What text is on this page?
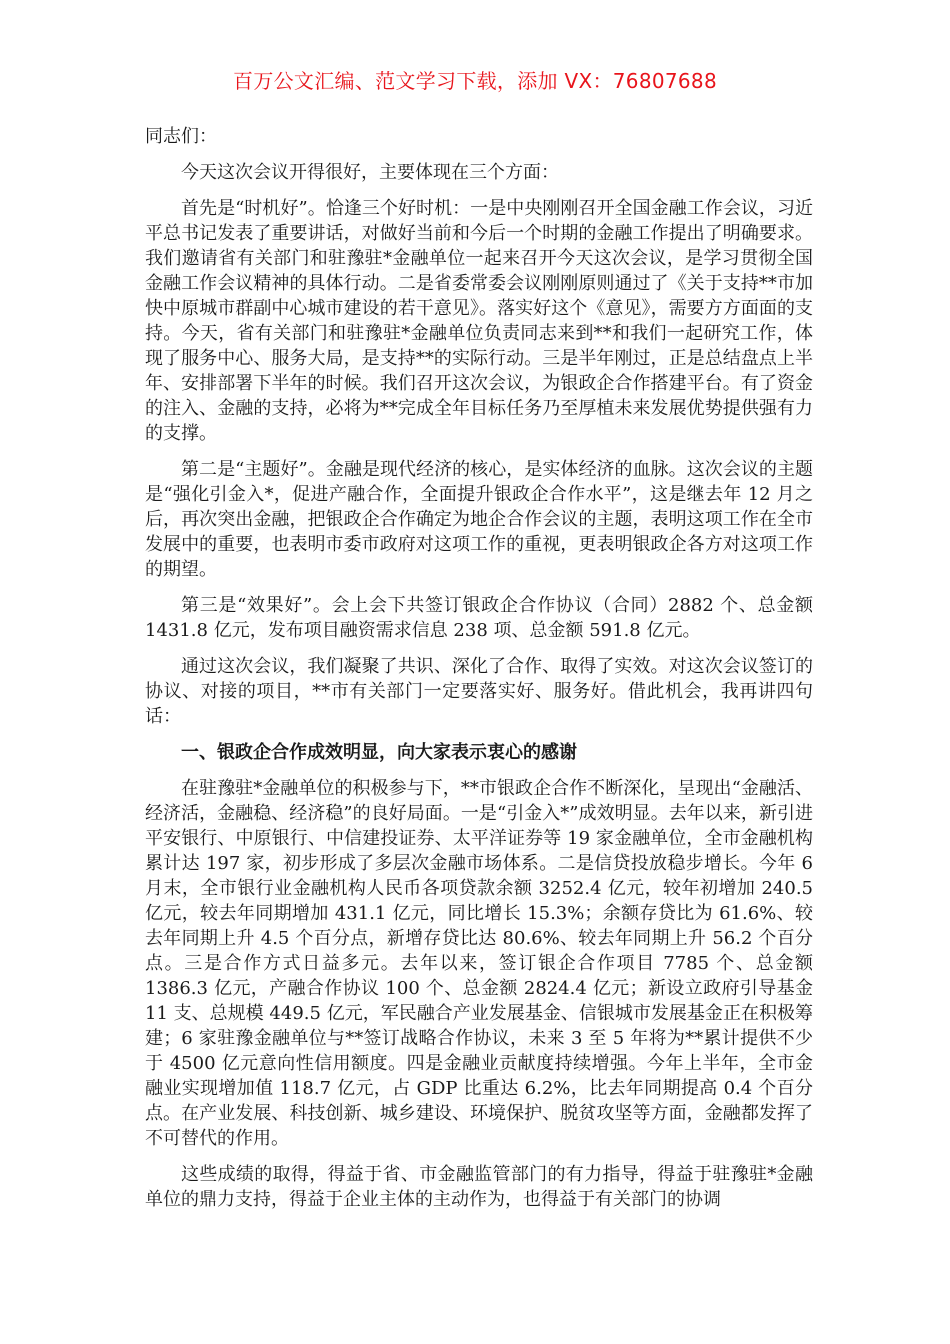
百万公文汇编、范文学习下载，添加 VX：76807688

同志们：

今天这次会议开得很好，主要体现在三个方面：

首先是“时机好”。恰逢三个好时机：一是中央刚刚召开全国金融工作会议，习近平总书记发表了重要讲话，对做好当前和今后一个时期的金融工作提出了明确要求。我们邀请省有关部门和驻豫驻*金融单位一起来召开今天这次会议，是学习贯彻全国金融工作会议精神的具体行动。二是省委常委会议刚刚原则通过了《关于支持**市加快中原城市群副中心城市建设的若干意见》。落实好这个《意见》，需要方方面面的支持。今天，省有关部门和驻豫驻*金融单位负责同志来到**和我们一起研究工作，体现了服务中心、服务大局，是支持**的实际行动。三是半年刚过，正是总结盘点上半年、安排部署下半年的时候。我们召开这次会议，为银政企合作搭建平台。有了资金的注入、金融的支持，必将为**完成全年目标任务乃至厚植未来发展优势提供强有力的支撑。

第二是“主题好”。金融是现代经济的核心，是实体经济的血脉。这次会议的主题是“强化引金入*，促进产融合作，全面提升银政企合作水平”，这是继去年 12 月之后，再次突出金融，把银政企合作确定为地企合作会议的主题，表明这项工作在全市发展中的重要，也表明市委市政府对这项工作的重视，更表明银政企各方对这项工作的期望。

第三是“效果好”。会上会下共签订银政企合作协议（合同）2882 个、总金额 1431.8 亿元，发布项目融资需求信息 238 项、总金额 591.8 亿元。

通过这次会议，我们凝聚了共识、深化了合作、取得了实效。对这次会议签订的协议、对接的项目，**市有关部门一定要落实好、服务好。借此机会，我再讲四句话：

一、银政企合作成效明显，向大家表示衷心的感谢

在驻豫驻*金融单位的积极参与下，**市银政企合作不断深化，呈现出“金融活、经济活，金融稳、经济稳”的良好局面。一是“引金入*”成效明显。去年以来，新引进平安银行、中原银行、中信建投证券、太平洋证券等 19 家金融单位，全市金融机构累计达 197 家，初步形成了多层次金融市场体系。二是信贷投放稳步增长。今年 6 月末，全市银行业金融机构人民币各项贷款余额 3252.4 亿元，较年初增加 240.5 亿元，较去年同期增加 431.1 亿元，同比增长 15.3%；余额存贷比为 61.6%、较去年同期上升 4.5 个百分点，新增存贷比达 80.6%、较去年同期上升 56.2 个百分点。三是合作方式日益多元。去年以来，签订银企合作项目 7785 个、总金额 1386.3 亿元，产融合作协议 100 个、总金额 2824.4 亿元；新设立政府引导基金 11 支、总规模 449.5 亿元，军民融合产业发展基金、信银城市发展基金正在积极筹建；6 家驻豫金融单位与**签订战略合作协议，未来 3 至 5 年将为**累计提供不少于 4500 亿元意向性信用额度。四是金融业贡献度持续增强。今年上半年，全市金融业实现增加值 118.7 亿元，占 GDP 比重达 6.2%，比去年同期提高 0.4 个百分点。在产业发展、科技创新、城乡建设、环境保护、脱贫攻坚等方面，金融都发挥了不可替代的作用。

这些成绩的取得，得益于省、市金融监管部门的有力指导，得益于驻豫驻*金融单位的鼎力支持，得益于企业主体的主动作为，也得益于有关部门的协调
